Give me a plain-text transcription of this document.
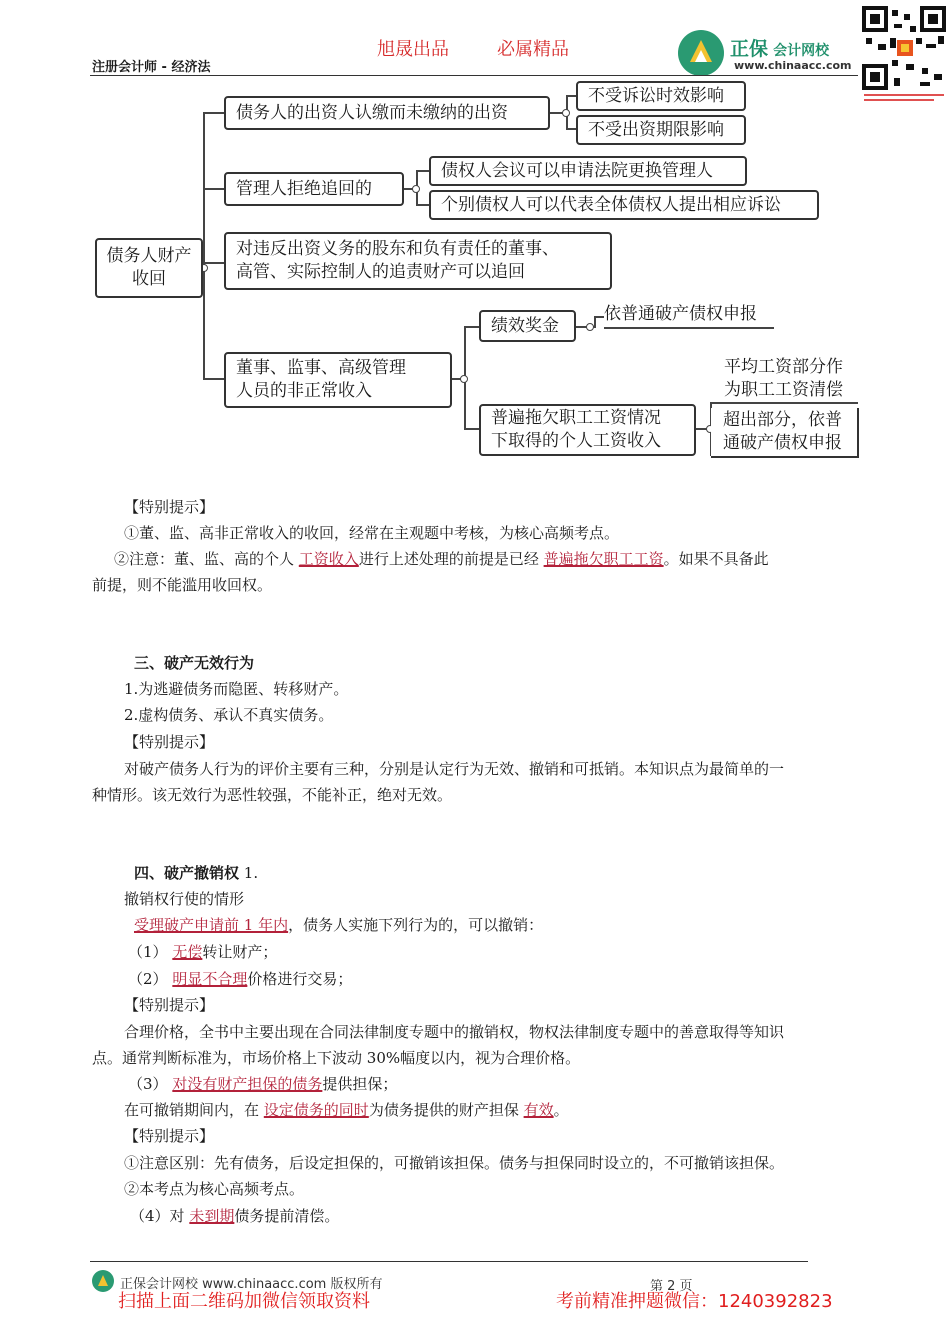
旭晟出品	必属精品
注册会计师 - 经济法
正保 会计网校
www.chinaacc.com
债务人财产收回
债务人的出资人认缴而未缴纳的出资
不受诉讼时效影响
不受出资期限影响
管理人拒绝追回的
债权人会议可以申请法院更换管理人
个别债权人可以代表全体债权人提出相应诉讼
对违反出资义务的股东和负有责任的董事、
高管、实际控制人的追责财产可以追回
董事、监事、高级管理
人员的非正常收入
绩效奖金
依普通破产债权申报
普遍拖欠职工工资情况
下取得的个人工资收入
平均工资部分作
为职工工资清偿
超出部分，依普
通破产债权申报
【特别提示】
①董、监、高非正常收入的收回，经常在主观题中考核，为核心高频考点。
②注意：董、监、高的个人 工资收入进行上述处理的前提是已经 普遍拖欠职工工资。如果不具备此
前提，则不能滥用收回权。
三、破产无效行为
1.为逃避债务而隐匿、转移财产。
2.虚构债务、承认不真实债务。
【特别提示】
对破产债务人行为的评价主要有三种，分别是认定行为无效、撤销和可抵销。本知识点为最简单的一
种情形。该无效行为恶性较强，不能补正，绝对无效。
四、破产撤销权 1.
撤销权行使的情形
受理破产申请前 1 年内，债务人实施下列行为的，可以撤销：
（1） 无偿转让财产；
（2） 明显不合理价格进行交易；
【特别提示】
合理价格，全书中主要出现在合同法律制度专题中的撤销权，物权法律制度专题中的善意取得等知识
点。通常判断标准为，市场价格上下波动 30%幅度以内，视为合理价格。
（3） 对没有财产担保的债务提供担保；
在可撤销期间内，在 设定债务的同时为债务提供的财产担保 有效。
【特别提示】
①注意区别：先有债务，后设定担保的，可撤销该担保。债务与担保同时设立的，不可撤销该担保。
②本考点为核心高频考点。
（4）对 未到期债务提前清偿。
正保会计网校 www.chinaacc.com 版权所有	第 2 页
扫描上面二维码加微信领取资料	考前精准押题微信：1240392823
